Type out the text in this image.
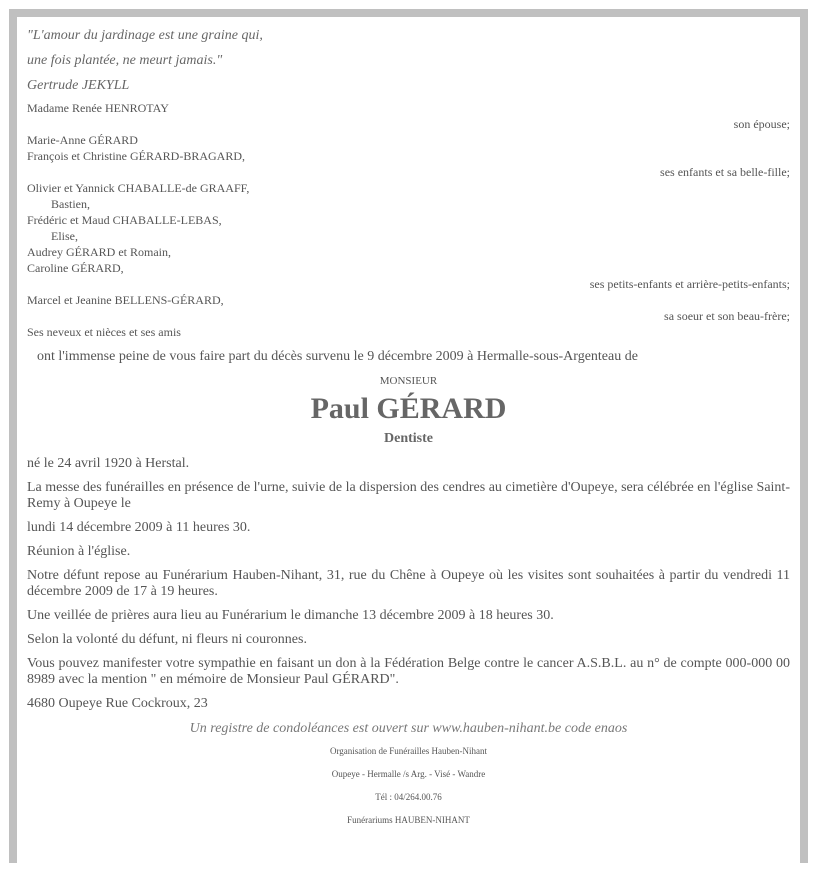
"L'amour du jardinage est une graine qui,

une fois plantée, ne meurt jamais."

Gertrude JEKYLL

Madame Renée HENROTAY

son épouse;

Marie-Anne GÉRARD

François et Christine GÉRARD-BRAGARD,

ses enfants et sa belle-fille;

Olivier et Yannick CHABALLE-de GRAAFF,

Bastien,

Frédéric et Maud CHABALLE-LEBAS,

Elise,

Audrey GÉRARD et Romain,

Caroline GÉRARD,

ses petits-enfants et arrière-petits-enfants;

Marcel et Jeanine BELLENS-GÉRARD,

sa soeur et son beau-frère;

Ses neveux et nièces et ses amis

ont l'immense peine de vous faire part du décès survenu le 9 décembre 2009 à Hermalle-sous-Argenteau de

MONSIEUR
Paul GÉRARD
Dentiste

né le 24 avril 1920 à Herstal.

La messe des funérailles en présence de l'urne, suivie de la dispersion des cendres au cimetière d'Oupeye, sera célébrée en l'église Saint-Remy à Oupeye le

lundi 14 décembre 2009 à 11 heures 30.

Réunion à l'église.

Notre défunt repose au Funérarium Hauben-Nihant, 31, rue du Chêne à Oupeye où les visites sont souhaitées à partir du vendredi 11 décembre 2009 de 17 à 19 heures.

Une veillée de prières aura lieu au Funérarium le dimanche 13 décembre 2009 à 18 heures 30.

Selon la volonté du défunt, ni fleurs ni couronnes.

Vous pouvez manifester votre sympathie en faisant un don à la Fédération Belge contre le cancer A.S.B.L. au n° de compte 000-000 00 8989 avec la mention " en mémoire de Monsieur Paul GÉRARD".

4680 Oupeye Rue Cockroux, 23

Un registre de condoléances est ouvert sur www.hauben-nihant.be code enaos
Organisation de Funérailles Hauben-Nihant
Oupeye - Hermalle /s Arg. - Visé - Wandre
Tél : 04/264.00.76
Funérariums HAUBEN-NIHANT
